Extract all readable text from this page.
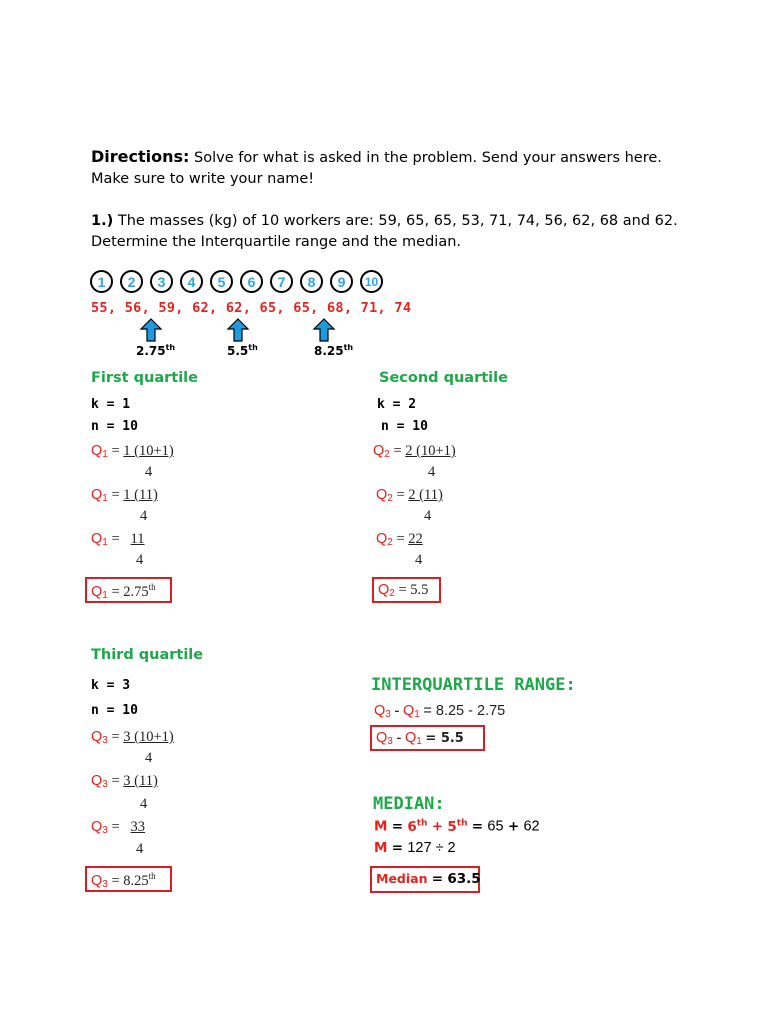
Directions: Solve for what is asked in the problem. Send your answers here.
Make sure to write your name!
1.) The masses (kg) of 10 workers are: 59, 65, 65, 53, 71, 74, 56, 62, 68 and 62.
Determine the Interquartile range and the median.
1	2	3	4	5	6	7	8	9	10
55, 56, 59, 62, 62, 65, 65, 68, 71, 74
2.75th	5.5th	8.25th
First quartile
k = 1
n = 10
$Q_1 = 1$ (10+1)
4
$Q_1 = 1$ (11)
4
$Q_1 = 11$
4
$Q_1 = 2.75th$
Second quartile
k = 2
n = 10
$Q_2 = 2$ (10+1)
4
$Q_2 = 2$ (11)
4
$Q_2 = 22$
4
$Q_2 = 5.5$
Third quartile
k = 3
n = 10
$Q_3 = 3$ (10+1)
4
$Q_3 = 3$ (11)
4
$Q_3 = 33$
4
$Q_3 = 8.25th$
INTERQUARTILE RANGE:
$Q_3 - Q_1 = 8.25 - 2.75$
$Q_3 - Q_1 = 5.5$
MEDIAN:
M = 6th + 5th = 65 + 62
M = 127 ÷ 2
Median = 63.5
